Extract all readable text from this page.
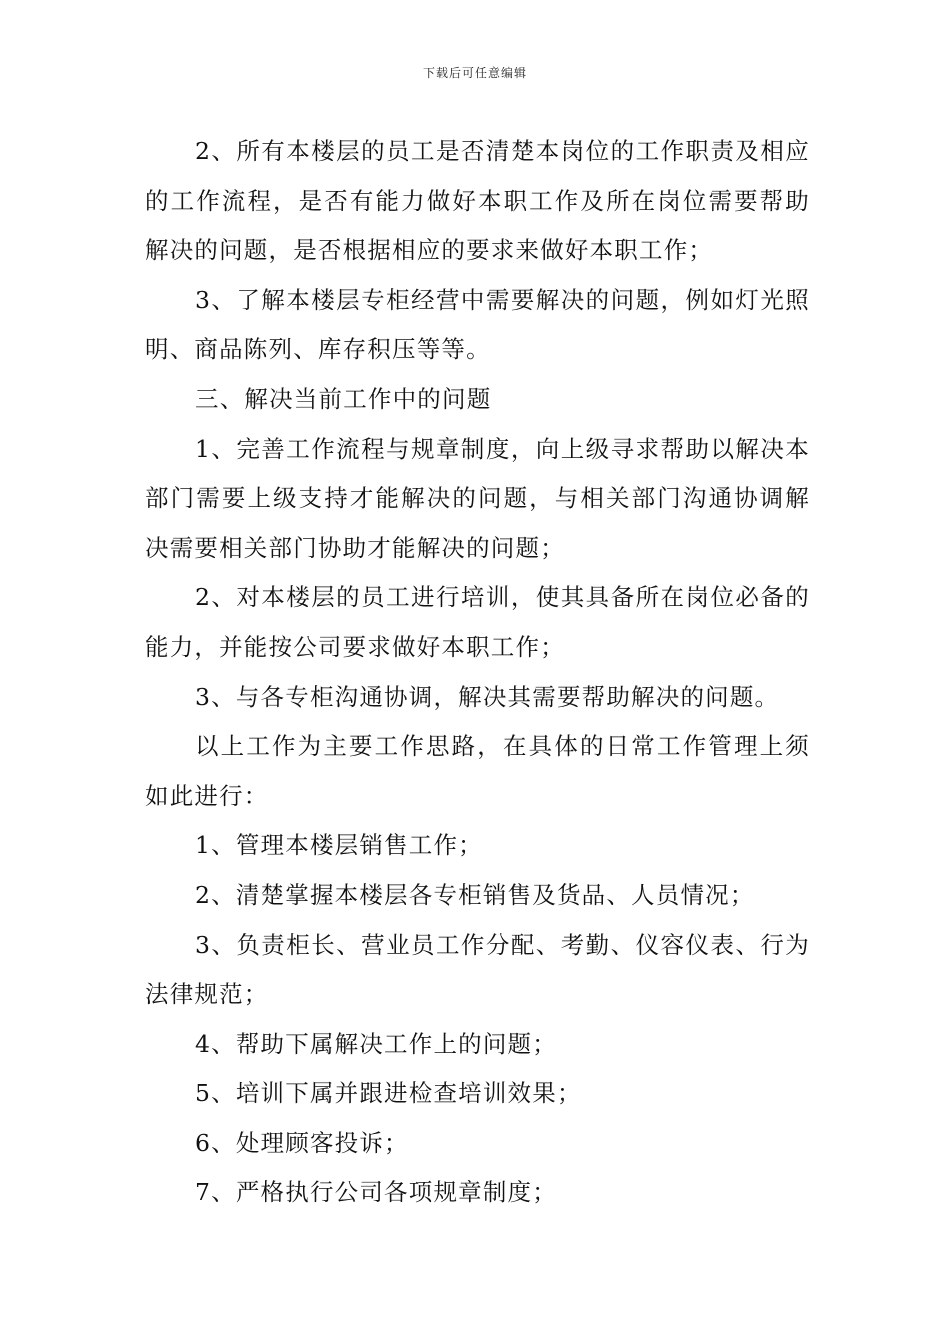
下载后可任意编辑

2、所有本楼层的员工是否清楚本岗位的工作职责及相应的工作流程，是否有能力做好本职工作及所在岗位需要帮助解决的问题，是否根据相应的要求来做好本职工作；

3、了解本楼层专柜经营中需要解决的问题，例如灯光照明、商品陈列、库存积压等等。

三、解决当前工作中的问题

1、完善工作流程与规章制度，向上级寻求帮助以解决本部门需要上级支持才能解决的问题，与相关部门沟通协调解决需要相关部门协助才能解决的问题；

2、对本楼层的员工进行培训，使其具备所在岗位必备的能力，并能按公司要求做好本职工作；

3、与各专柜沟通协调，解决其需要帮助解决的问题。

以上工作为主要工作思路，在具体的日常工作管理上须如此进行：

1、管理本楼层销售工作；

2、清楚掌握本楼层各专柜销售及货品、人员情况；

3、负责柜长、营业员工作分配、考勤、仪容仪表、行为法律规范；

4、帮助下属解决工作上的问题；

5、培训下属并跟进检查培训效果；

6、处理顾客投诉；

7、严格执行公司各项规章制度；
